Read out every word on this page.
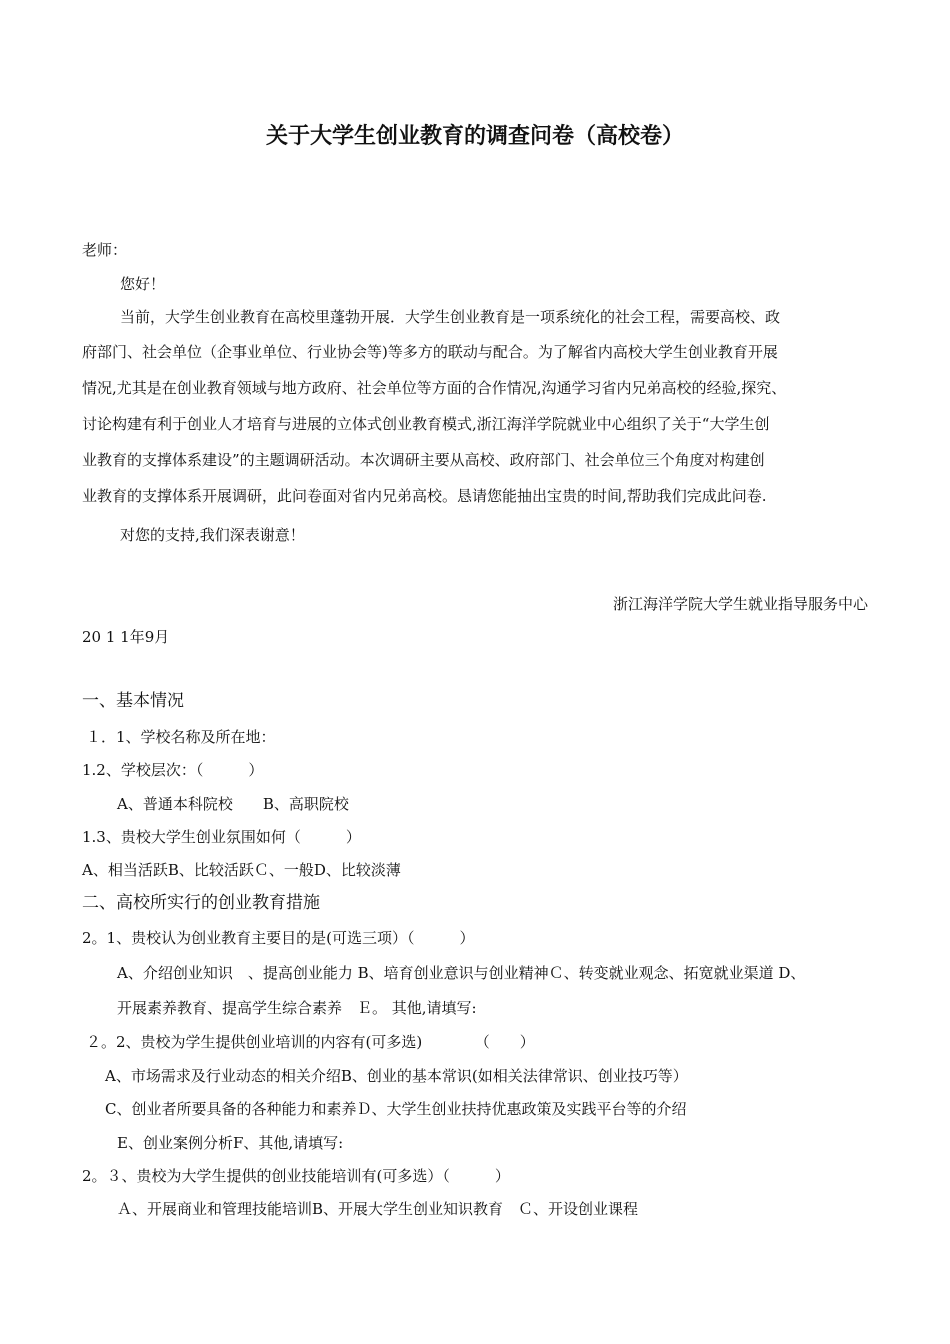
关于大学生创业教育的调查问卷（高校卷）
老师：
您好！
当前，大学生创业教育在高校里蓬勃开展．大学生创业教育是一项系统化的社会工程，需要高校、政
府部门、社会单位（企事业单位、行业协会等)等多方的联动与配合。为了解省内高校大学生创业教育开展
情况,尤其是在创业教育领域与地方政府、社会单位等方面的合作情况,沟通学习省内兄弟高校的经验,探究、
讨论构建有利于创业人才培育与进展的立体式创业教育模式,浙江海洋学院就业中心组织了关于“大学生创
业教育的支撑体系建设”的主题调研活动。本次调研主要从高校、政府部门、社会单位三个角度对构建创
业教育的支撑体系开展调研，此问卷面对省内兄弟高校。恳请您能抽出宝贵的时间,帮助我们完成此问卷.
对您的支持,我们深表谢意！
浙江海洋学院大学生就业指导服务中心
20 1 1年9月
一、基本情况
１．1、学校名称及所在地：
1.2、学校层次：（　　　）
A、普通本科院校　　B、高职院校
1.3、贵校大学生创业氛围如何（　　　）
A、相当活跃B、比较活跃Ｃ、一般D、比较淡薄
二、高校所实行的创业教育措施
2。1、贵校认为创业教育主要目的是(可选三项）（　　　）
A、介绍创业知识　、提高创业能力 B、培育创业意识与创业精神Ｃ、转变就业观念、拓宽就业渠道 D、
开展素养教育、提高学生综合素养　Ｅ。 其他,请填写:
２。2、贵校为学生提供创业培训的内容有(可多选)　　　　（　　）
A、市场需求及行业动态的相关介绍B、创业的基本常识(如相关法律常识、创业技巧等）
C、创业者所要具备的各种能力和素养Ｄ、大学生创业扶持优惠政策及实践平台等的介绍
E、创业案例分析F、其他,请填写:
2。３、贵校为大学生提供的创业技能培训有(可多选）（　　　）
Ａ、开展商业和管理技能培训B、开展大学生创业知识教育　Ｃ、开设创业课程
